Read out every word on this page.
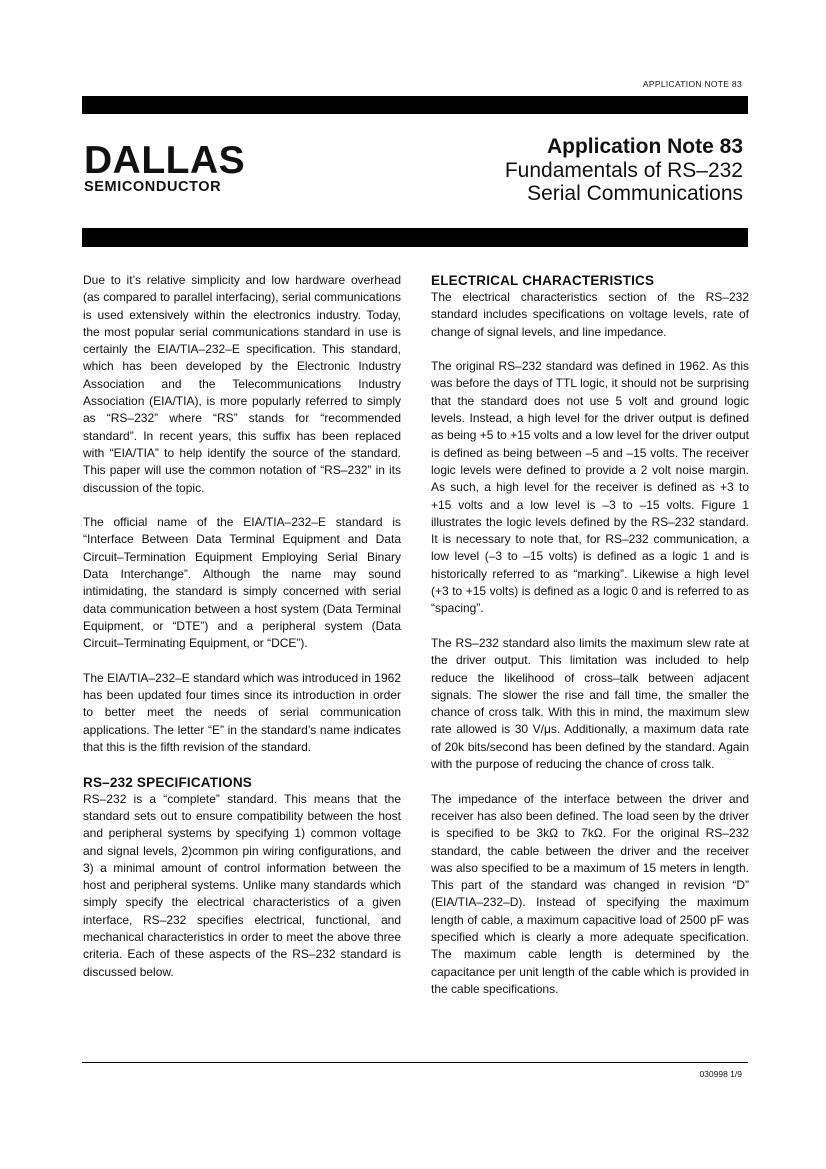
APPLICATION NOTE 83
DALLAS
SEMICONDUCTOR
Application Note 83
Fundamentals of RS–232
Serial Communications

Due to it’s relative simplicity and low hardware overhead (as compared to parallel interfacing), serial communications is used extensively within the electronics industry. Today, the most popular serial communications standard in use is certainly the EIA/TIA–232–E specification. This standard, which has been developed by the Electronic Industry Association and the Telecommunications Industry Association (EIA/TIA), is more popularly referred to simply as “RS–232” where “RS” stands for “recommended standard”. In recent years, this suffix has been replaced with “EIA/TIA” to help identify the source of the standard. This paper will use the common notation of “RS–232” in its discussion of the topic.

The official name of the EIA/TIA–232–E standard is “Interface Between Data Terminal Equipment and Data Circuit–Termination Equipment Employing Serial Binary Data Interchange”. Although the name may sound intimidating, the standard is simply concerned with serial data communication between a host system (Data Terminal Equipment, or “DTE”) and a peripheral system (Data Circuit–Terminating Equipment, or “DCE”).

The EIA/TIA–232–E standard which was introduced in 1962 has been updated four times since its introduction in order to better meet the needs of serial communication applications. The letter “E” in the standard’s name indicates that this is the fifth revision of the standard.

RS–232 SPECIFICATIONS

RS–232 is a “complete” standard. This means that the standard sets out to ensure compatibility between the host and peripheral systems by specifying 1) common voltage and signal levels, 2)common pin wiring configurations, and 3) a minimal amount of control information between the host and peripheral systems. Unlike many standards which simply specify the electrical characteristics of a given interface, RS–232 specifies electrical, functional, and mechanical characteristics in order to meet the above three criteria. Each of these aspects of the RS–232 standard is discussed below.

ELECTRICAL CHARACTERISTICS

The electrical characteristics section of the RS–232 standard includes specifications on voltage levels, rate of change of signal levels, and line impedance.

The original RS–232 standard was defined in 1962. As this was before the days of TTL logic, it should not be surprising that the standard does not use 5 volt and ground logic levels. Instead, a high level for the driver output is defined as being +5 to +15 volts and a low level for the driver output is defined as being between –5 and –15 volts. The receiver logic levels were defined to provide a 2 volt noise margin. As such, a high level for the receiver is defined as +3 to +15 volts and a low level is –3 to –15 volts. Figure 1 illustrates the logic levels defined by the RS–232 standard. It is necessary to note that, for RS–232 communication, a low level (–3 to –15 volts) is defined as a logic 1 and is historically referred to as “marking”. Likewise a high level (+3 to +15 volts) is defined as a logic 0 and is referred to as “spacing”.

The RS–232 standard also limits the maximum slew rate at the driver output. This limitation was included to help reduce the likelihood of cross–talk between adjacent signals. The slower the rise and fall time, the smaller the chance of cross talk. With this in mind, the maximum slew rate allowed is 30 V/μs. Additionally, a maximum data rate of 20k bits/second has been defined by the standard. Again with the purpose of reducing the chance of cross talk.

The impedance of the interface between the driver and receiver has also been defined. The load seen by the driver is specified to be 3kΩ to 7kΩ. For the original RS–232 standard, the cable between the driver and the receiver was also specified to be a maximum of 15 meters in length. This part of the standard was changed in revision “D” (EIA/TIA–232–D). Instead of specifying the maximum length of cable, a maximum capacitive load of 2500 pF was specified which is clearly a more adequate specification. The maximum cable length is determined by the capacitance per unit length of the cable which is provided in the cable specifications.

030998 1/9
